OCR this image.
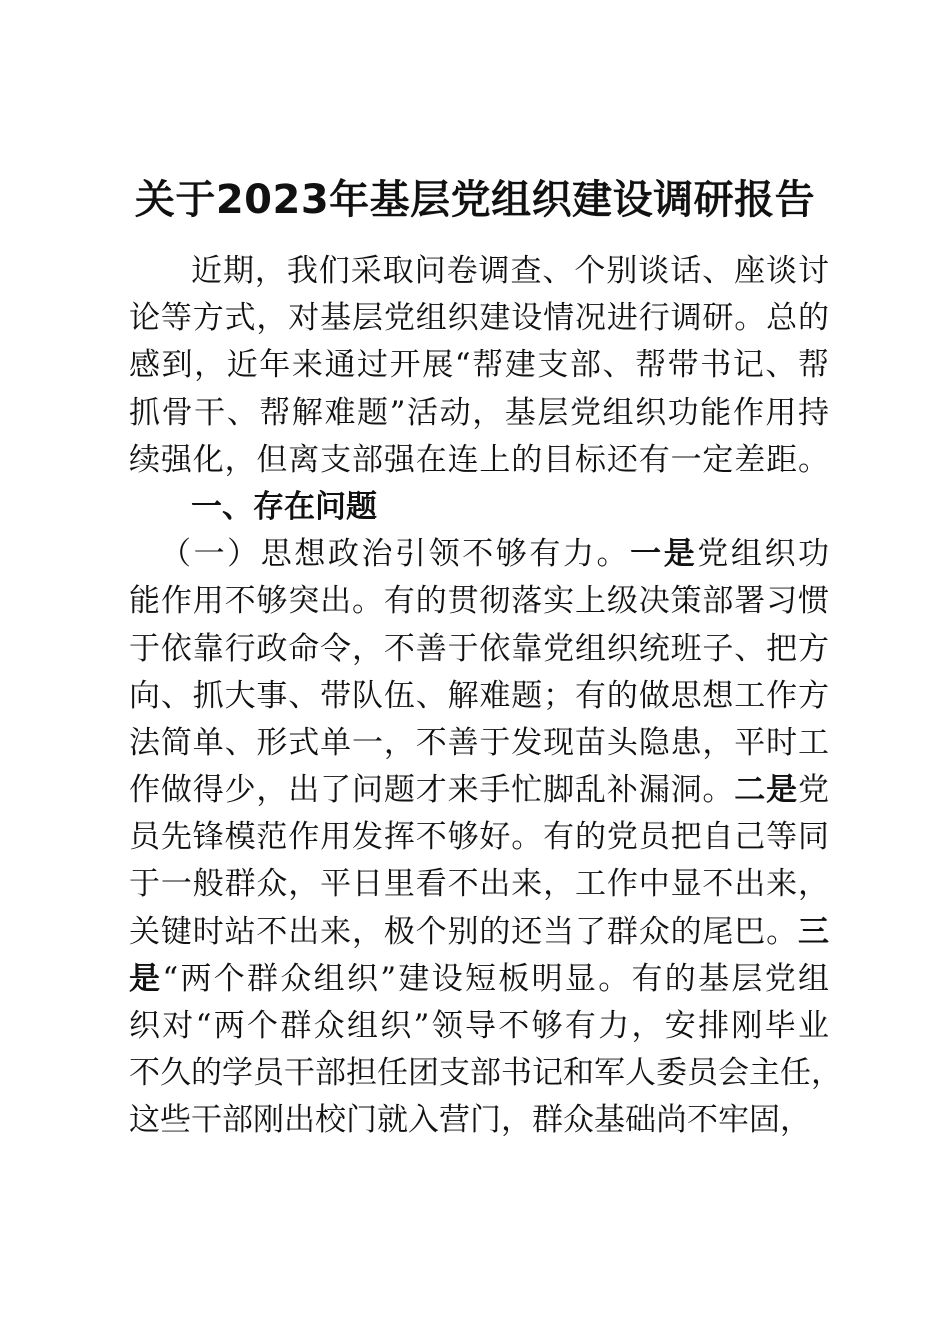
关于2023年基层党组织建设调研报告
近期，我们采取问卷调查、个别谈话、座谈讨
论等方式，对基层党组织建设情况进行调研。总的
感到，近年来通过开展“帮建支部、帮带书记、帮
抓骨干、帮解难题”活动，基层党组织功能作用持
续强化，但离支部强在连上的目标还有一定差距。
一、存在问题
（一）思想政治引领不够有力。一是党组织功
能作用不够突出。有的贯彻落实上级决策部署习惯
于依靠行政命令，不善于依靠党组织统班子、把方
向、抓大事、带队伍、解难题；有的做思想工作方
法简单、形式单一，不善于发现苗头隐患，平时工
作做得少，出了问题才来手忙脚乱补漏洞。二是党
员先锋模范作用发挥不够好。有的党员把自己等同
于一般群众，平日里看不出来，工作中显不出来，
关键时站不出来，极个别的还当了群众的尾巴。三
是“两个群众组织”建设短板明显。有的基层党组
织对“两个群众组织”领导不够有力，安排刚毕业
不久的学员干部担任团支部书记和军人委员会主任，
这些干部刚出校门就入营门，群众基础尚不牢固，
